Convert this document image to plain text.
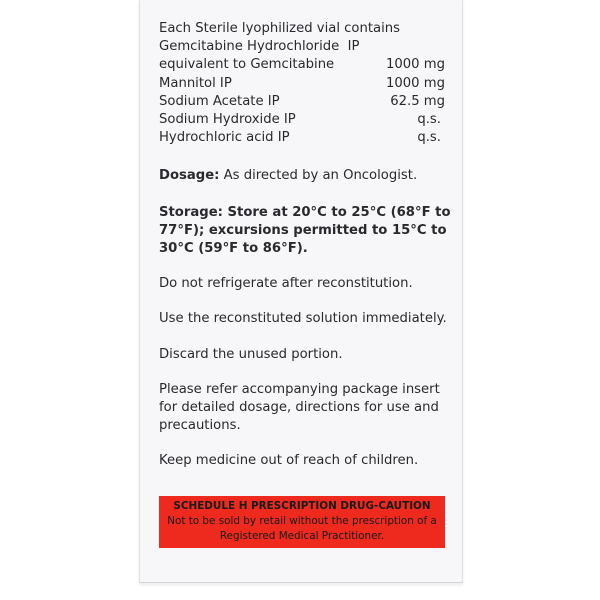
Each Sterile lyophilized vial contains
Gemcitabine Hydrochloride  IP
equivalent to Gemcitabine	1000 mg
Mannitol IP	1000 mg
Sodium Acetate IP	62.5 mg
Sodium Hydroxide IP	q.s.
Hydrochloric acid IP	q.s.
Dosage: As directed by an Oncologist.
Storage: Store at 20°C to 25°C (68°F to
77°F); excursions permitted to 15°C to
30°C (59°F to 86°F).
Do not refrigerate after reconstitution.
Use the reconstituted solution immediately.
Discard the unused portion.
Please refer accompanying package insert
for detailed dosage, directions for use and
precautions.
Keep medicine out of reach of children.
SCHEDULE H PRESCRIPTION DRUG-CAUTION
Not to be sold by retail without the prescription of a
Registered Medical Practitioner.
